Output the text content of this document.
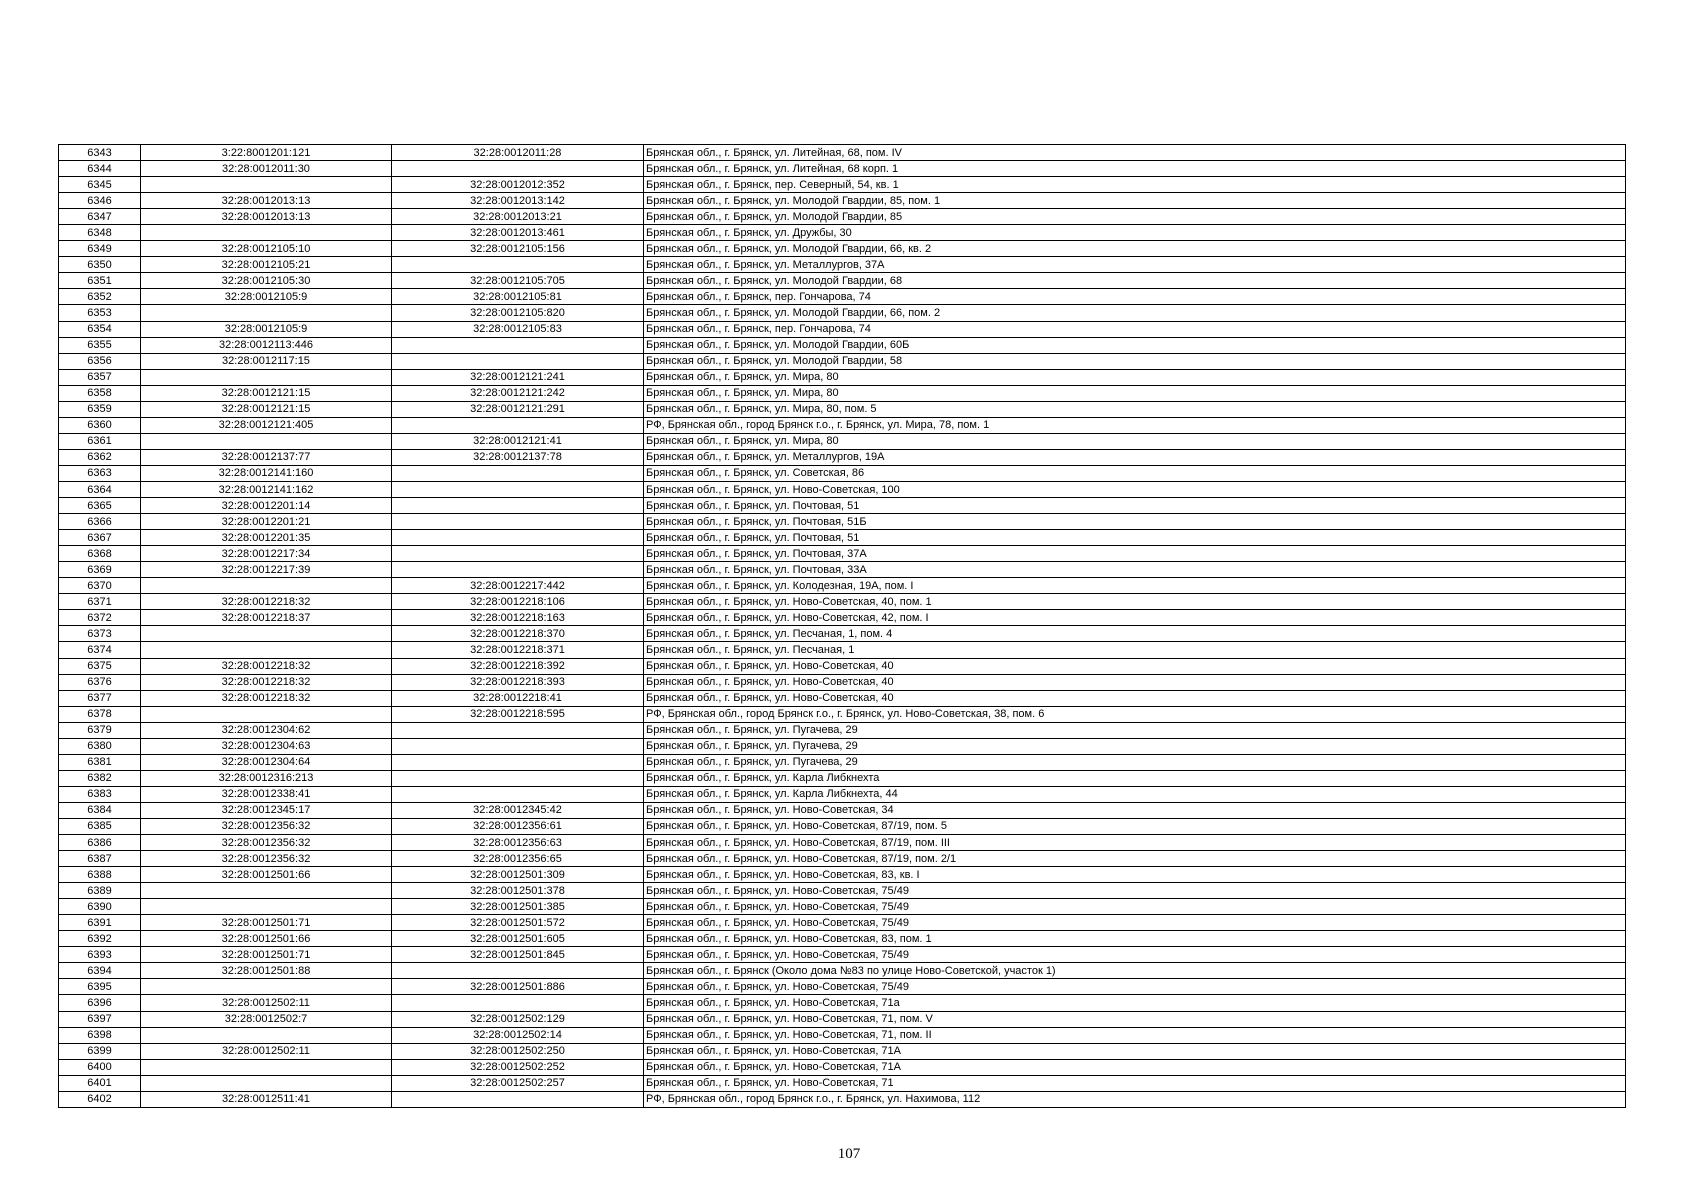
6343	3:22:8001201:121	32:28:0012011:28	Брянская обл., г. Брянск, ул. Литейная, 68, пом. IV
6344	32:28:0012011:30		Брянская обл., г. Брянск, ул. Литейная, 68 корп. 1
6345		32:28:0012012:352	Брянская обл., г. Брянск, пер. Северный, 54, кв. 1
6346	32:28:0012013:13	32:28:0012013:142	Брянская обл., г. Брянск, ул. Молодой Гвардии, 85, пом. 1
6347	32:28:0012013:13	32:28:0012013:21	Брянская обл., г. Брянск, ул. Молодой Гвардии, 85
6348		32:28:0012013:461	Брянская обл., г. Брянск, ул. Дружбы, 30
6349	32:28:0012105:10	32:28:0012105:156	Брянская обл., г. Брянск, ул. Молодой Гвардии, 66, кв. 2
6350	32:28:0012105:21		Брянская обл., г. Брянск, ул. Металлургов, 37А
6351	32:28:0012105:30	32:28:0012105:705	Брянская обл., г. Брянск, ул. Молодой Гвардии, 68
6352	32:28:0012105:9	32:28:0012105:81	Брянская обл., г. Брянск, пер. Гончарова, 74
6353		32:28:0012105:820	Брянская обл., г. Брянск, ул. Молодой Гвардии, 66, пом. 2
6354	32:28:0012105:9	32:28:0012105:83	Брянская обл., г. Брянск, пер. Гончарова, 74
6355	32:28:0012113:446		Брянская обл., г. Брянск, ул. Молодой Гвардии, 60Б
6356	32:28:0012117:15		Брянская обл., г. Брянск, ул. Молодой Гвардии, 58
6357		32:28:0012121:241	Брянская обл., г. Брянск, ул. Мира, 80
6358	32:28:0012121:15	32:28:0012121:242	Брянская обл., г. Брянск, ул. Мира, 80
6359	32:28:0012121:15	32:28:0012121:291	Брянская обл., г. Брянск, ул. Мира, 80, пом. 5
6360	32:28:0012121:405		РФ, Брянская обл., город Брянск г.о., г. Брянск, ул. Мира, 78, пом. 1
6361		32:28:0012121:41	Брянская обл., г. Брянск, ул. Мира, 80
6362	32:28:0012137:77	32:28:0012137:78	Брянская обл., г. Брянск, ул. Металлургов, 19А
6363	32:28:0012141:160		Брянская обл., г. Брянск, ул. Советская, 86
6364	32:28:0012141:162		Брянская обл., г. Брянск, ул. Ново-Советская, 100
6365	32:28:0012201:14		Брянская обл., г. Брянск, ул. Почтовая, 51
6366	32:28:0012201:21		Брянская обл., г. Брянск, ул. Почтовая, 51Б
6367	32:28:0012201:35		Брянская обл., г. Брянск, ул. Почтовая, 51
6368	32:28:0012217:34		Брянская обл., г. Брянск, ул. Почтовая, 37А
6369	32:28:0012217:39		Брянская обл., г. Брянск, ул. Почтовая, 33А
6370		32:28:0012217:442	Брянская обл., г. Брянск, ул. Колодезная, 19А, пом. I
6371	32:28:0012218:32	32:28:0012218:106	Брянская обл., г. Брянск, ул. Ново-Советская, 40, пом. 1
6372	32:28:0012218:37	32:28:0012218:163	Брянская обл., г. Брянск, ул. Ново-Советская, 42, пом. I
6373		32:28:0012218:370	Брянская обл., г. Брянск, ул. Песчаная, 1, пом. 4
6374		32:28:0012218:371	Брянская обл., г. Брянск, ул. Песчаная, 1
6375	32:28:0012218:32	32:28:0012218:392	Брянская обл., г. Брянск, ул. Ново-Советская, 40
6376	32:28:0012218:32	32:28:0012218:393	Брянская обл., г. Брянск, ул. Ново-Советская, 40
6377	32:28:0012218:32	32:28:0012218:41	Брянская обл., г. Брянск, ул. Ново-Советская, 40
6378		32:28:0012218:595	РФ, Брянская обл., город Брянск г.о., г. Брянск, ул. Ново-Советская, 38, пом. 6
6379	32:28:0012304:62		Брянская обл., г. Брянск, ул. Пугачева, 29
6380	32:28:0012304:63		Брянская обл., г. Брянск, ул. Пугачева, 29
6381	32:28:0012304:64		Брянская обл., г. Брянск, ул. Пугачева, 29
6382	32:28:0012316:213		Брянская обл., г. Брянск, ул. Карла Либкнехта
6383	32:28:0012338:41		Брянская обл., г. Брянск, ул. Карла Либкнехта, 44
6384	32:28:0012345:17	32:28:0012345:42	Брянская обл., г. Брянск, ул. Ново-Советская, 34
6385	32:28:0012356:32	32:28:0012356:61	Брянская обл., г. Брянск, ул. Ново-Советская, 87/19, пом. 5
6386	32:28:0012356:32	32:28:0012356:63	Брянская обл., г. Брянск, ул. Ново-Советская, 87/19, пом. III
6387	32:28:0012356:32	32:28:0012356:65	Брянская обл., г. Брянск, ул. Ново-Советская, 87/19, пом. 2/1
6388	32:28:0012501:66	32:28:0012501:309	Брянская обл., г. Брянск, ул. Ново-Советская, 83, кв. I
6389		32:28:0012501:378	Брянская обл., г. Брянск, ул. Ново-Советская, 75/49
6390		32:28:0012501:385	Брянская обл., г. Брянск, ул. Ново-Советская, 75/49
6391	32:28:0012501:71	32:28:0012501:572	Брянская обл., г. Брянск, ул. Ново-Советская, 75/49
6392	32:28:0012501:66	32:28:0012501:605	Брянская обл., г. Брянск, ул. Ново-Советская, 83, пом. 1
6393	32:28:0012501:71	32:28:0012501:845	Брянская обл., г. Брянск, ул. Ново-Советская, 75/49
6394	32:28:0012501:88		Брянская обл., г. Брянск (Около дома №83 по улице Ново-Советской, участок 1)
6395		32:28:0012501:886	Брянская обл., г. Брянск, ул. Ново-Советская, 75/49
6396	32:28:0012502:11		Брянская обл., г. Брянск, ул. Ново-Советская, 71а
6397	32:28:0012502:7	32:28:0012502:129	Брянская обл., г. Брянск, ул. Ново-Советская, 71, пом. V
6398		32:28:0012502:14	Брянская обл., г. Брянск, ул. Ново-Советская, 71, пом. II
6399	32:28:0012502:11	32:28:0012502:250	Брянская обл., г. Брянск, ул. Ново-Советская, 71А
6400		32:28:0012502:252	Брянская обл., г. Брянск, ул. Ново-Советская, 71А
6401		32:28:0012502:257	Брянская обл., г. Брянск, ул. Ново-Советская, 71
6402	32:28:0012511:41		РФ, Брянская обл., город Брянск г.о., г. Брянск, ул. Нахимова, 112
107
